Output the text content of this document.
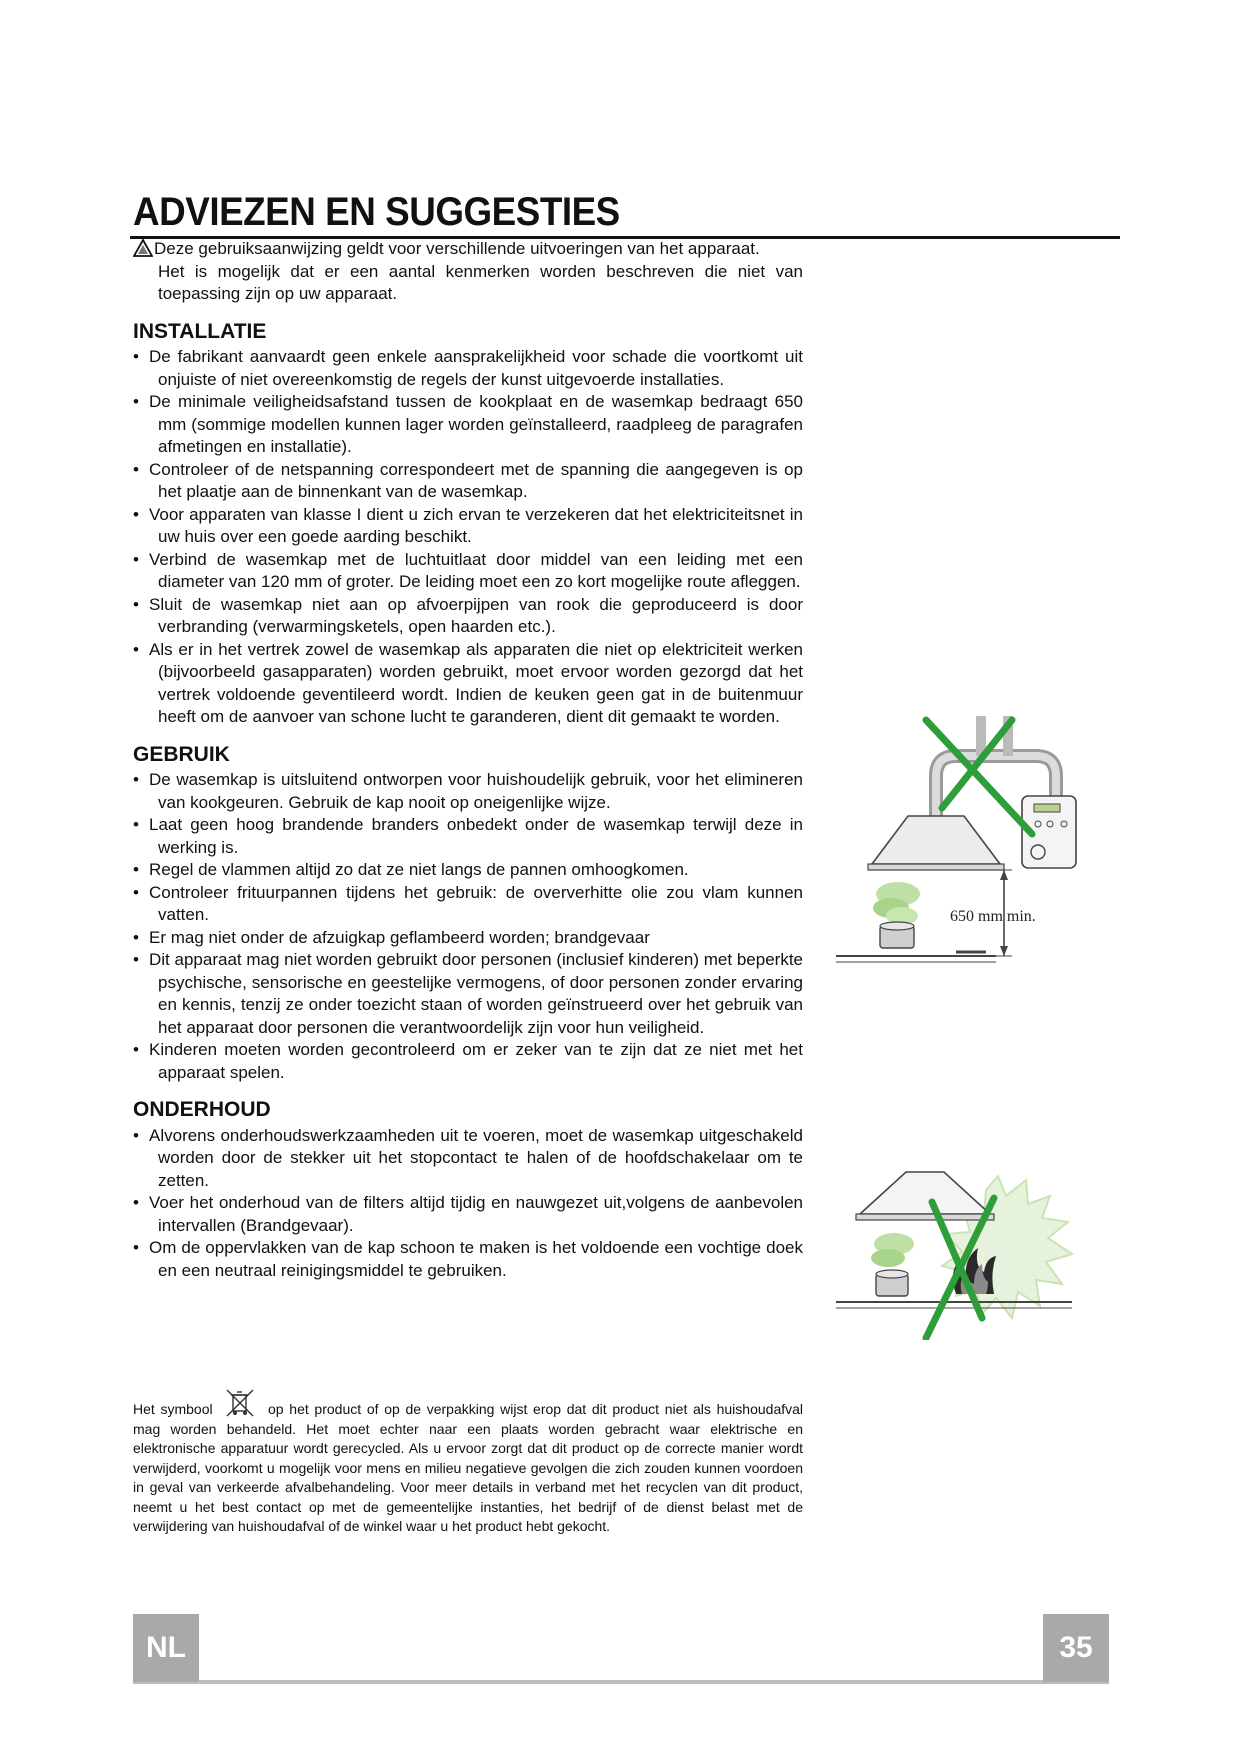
ADVIEZEN EN SUGGESTIES

Deze gebruiksaanwijzing geldt voor verschillende uitvoeringen van het apparaat.
Het is mogelijk dat er een aantal kenmerken worden beschreven die niet van toepassing zijn op uw apparaat.

INSTALLATIE
• De fabrikant aanvaardt geen enkele aansprakelijkheid voor schade die voortkomt uit onjuiste of niet overeenkomstig de regels der kunst uitgevoerde installaties.
• De minimale veiligheidsafstand tussen de kookplaat en de wasemkap bedraagt 650 mm (sommige modellen kunnen lager worden geïnstalleerd, raadpleeg de paragrafen afmetingen en installatie).
• Controleer of de netspanning correspondeert met de spanning die aangegeven is op het plaatje aan de binnenkant van de wasemkap.
• Voor apparaten van klasse I dient u zich ervan te verzekeren dat het elektriciteitsnet in uw huis over een goede aarding beschikt.
• Verbind de wasemkap met de luchtuitlaat door middel van een leiding met een diameter van 120 mm of groter. De leiding moet een zo kort mogelijke route afleggen.
• Sluit de wasemkap niet aan op afvoerpijpen van rook die geproduceerd is door verbranding (verwarmingsketels, open haarden etc.).
• Als er in het vertrek zowel de wasemkap als apparaten die niet op elektriciteit werken (bijvoorbeeld gasapparaten) worden gebruikt, moet ervoor worden gezorgd dat het vertrek voldoende geventileerd wordt. Indien de keuken geen gat in de buitenmuur heeft om de aanvoer van schone lucht te garanderen, dient dit gemaakt te worden.
GEBRUIK
• De wasemkap is uitsluitend ontworpen voor huishoudelijk gebruik, voor het elimineren van kookgeuren. Gebruik de kap nooit op oneigenlijke wijze.
• Laat geen hoog brandende branders onbedekt onder de wasemkap terwijl deze in werking is.
• Regel de vlammen altijd zo dat ze niet langs de pannen omhoogkomen.
• Controleer frituurpannen tijdens het gebruik: de oververhitte olie zou vlam kunnen vatten.
• Er mag niet onder de afzuigkap geflambeerd worden; brandgevaar
• Dit apparaat mag niet worden gebruikt door personen (inclusief kinderen) met beperkte psychische, sensorische en geestelijke vermogens, of door personen zonder ervaring en kennis, tenzij ze onder toezicht staan of worden geïnstrueerd over het gebruik van het apparaat door personen die verantwoordelijk zijn voor hun veiligheid.
• Kinderen moeten worden gecontroleerd om er zeker van te zijn dat ze niet met het apparaat spelen.
ONDERHOUD
• Alvorens onderhoudswerkzaamheden uit te voeren, moet de wasemkap uitgeschakeld worden door de stekker uit het stopcontact te halen of de hoofdschakelaar om te zetten.
• Voer het onderhoud van de filters altijd tijdig en nauwgezet uit,volgens de aanbevolen intervallen (Brandgevaar).
• Om de oppervlakken van de kap schoon te maken is het voldoende een vochtige doek en een neutraal reinigingsmiddel te gebruiken.

Het symbool	op het product of op de verpakking wijst erop dat dit product niet als huishoudafval mag worden behandeld. Het moet echter naar een plaats worden gebracht waar elektrische en elektronische apparatuur wordt gerecycled. Als u ervoor zorgt dat dit product op de correcte manier wordt verwijderd, voorkomt u mogelijk voor mens en milieu negatieve gevolgen die zich zouden kunnen voordoen in geval van verkeerde afvalbehandeling. Voor meer details in verband met het recyclen van dit product, neemt u het best contact op met de gemeentelijke instanties, het bedrijf of de dienst belast met de verwijdering van huishoudafval of de winkel waar u het product hebt gekocht.

650 mm min.
NL	35
